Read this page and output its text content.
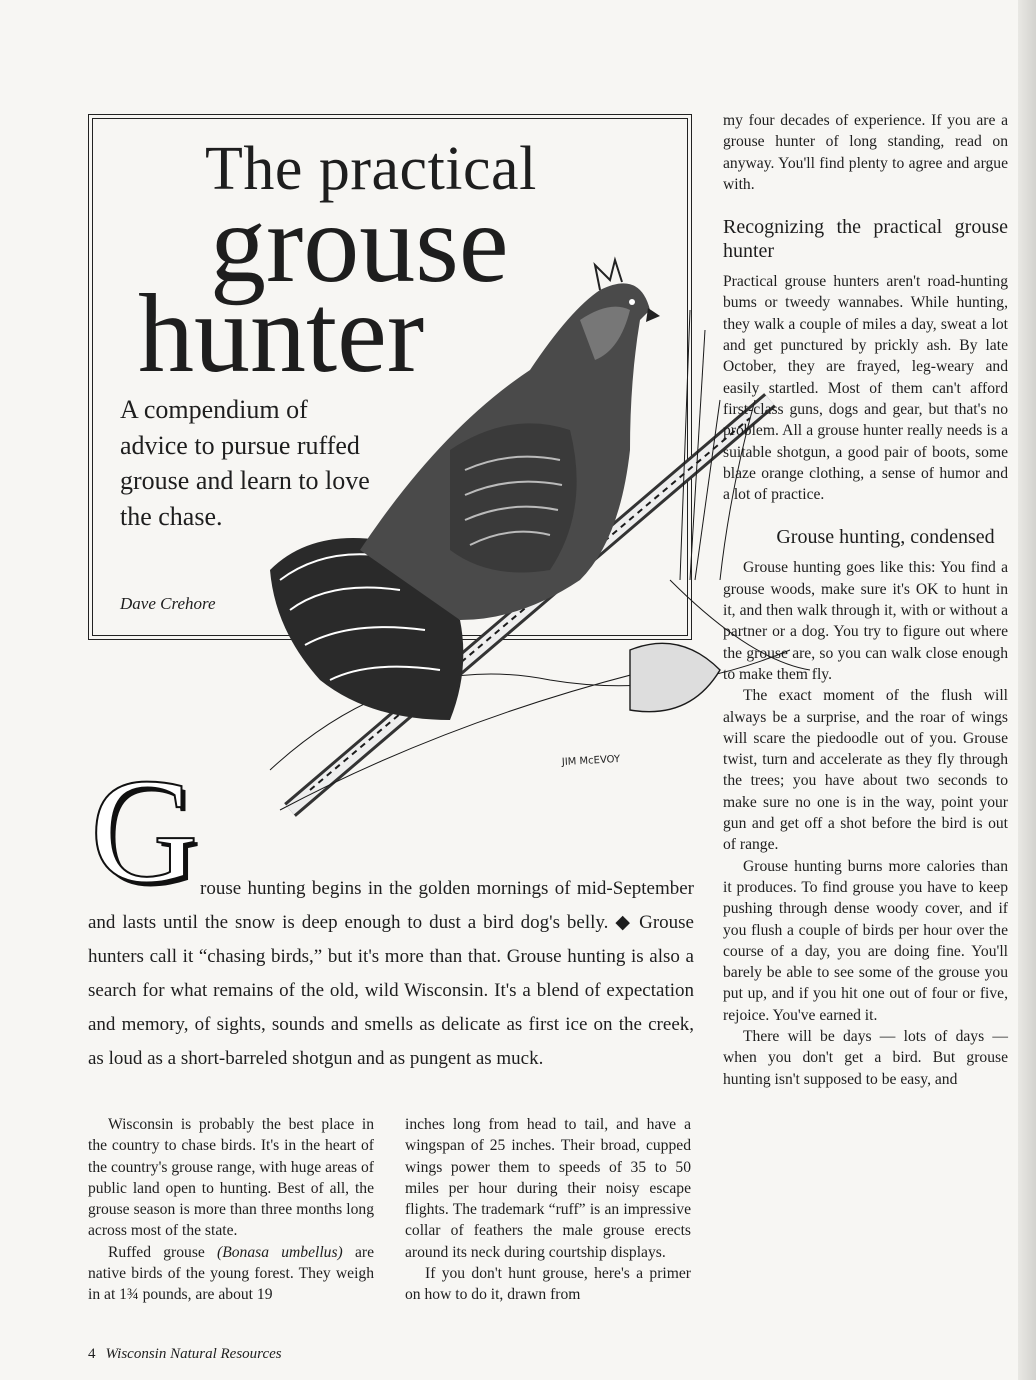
JIM McEVOY
The practical
grouse
hunter
A compendium of advice to pursue ruffed grouse and learn to love the chase.
Dave Crehore
G rouse hunting begins in the golden mornings of mid-September and lasts until the snow is deep enough to dust a bird dog's belly. ◆ Grouse hunters call it “chasing birds,” but it's more than that. Grouse hunting is also a search for what remains of the old, wild Wisconsin. It's a blend of expectation and memory, of sights, sounds and smells as delicate as first ice on the creek, as loud as a short-barreled shotgun and as pungent as muck.

Wisconsin is probably the best place in the country to chase birds. It's in the heart of the country's grouse range, with huge areas of public land open to hunting. Best of all, the grouse season is more than three months long across most of the state.

Ruffed grouse (Bonasa umbellus) are native birds of the young forest. They weigh in at 1¾ pounds, are about 19

inches long from head to tail, and have a wingspan of 25 inches. Their broad, cupped wings power them to speeds of 35 to 50 miles per hour during their noisy escape flights. The trademark “ruff” is an impressive collar of feathers the male grouse erects around its neck during courtship displays.

If you don't hunt grouse, here's a primer on how to do it, drawn from

my four decades of experience. If you are a grouse hunter of long standing, read on anyway. You'll find plenty to agree and argue with.

Recognizing the practical grouse hunter

Practical grouse hunters aren't road-hunting bums or tweedy wannabes. While hunting, they walk a couple of miles a day, sweat a lot and get punctured by prickly ash. By late October, they are frayed, leg-weary and easily startled. Most of them can't afford first-class guns, dogs and gear, but that's no problem. All a grouse hunter really needs is a suitable shotgun, a good pair of boots, some blaze orange clothing, a sense of humor and a lot of practice.

Grouse hunting, condensed

Grouse hunting goes like this: You find a grouse woods, make sure it's OK to hunt in it, and then walk through it, with or without a partner or a dog. You try to figure out where the grouse are, so you can walk close enough to make them fly.

The exact moment of the flush will always be a surprise, and the roar of wings will scare the piedoodle out of you. Grouse twist, turn and accelerate as they fly through the trees; you have about two seconds to make sure no one is in the way, point your gun and get off a shot before the bird is out of range.

Grouse hunting burns more calories than it produces. To find grouse you have to keep pushing through dense woody cover, and if you flush a couple of birds per hour over the course of a day, you are doing fine. You'll barely be able to see some of the grouse you put up, and if you hit one out of four or five, rejoice. You've earned it.

There will be days — lots of days — when you don't get a bird. But grouse hunting isn't supposed to be easy, and

4 Wisconsin Natural Resources
